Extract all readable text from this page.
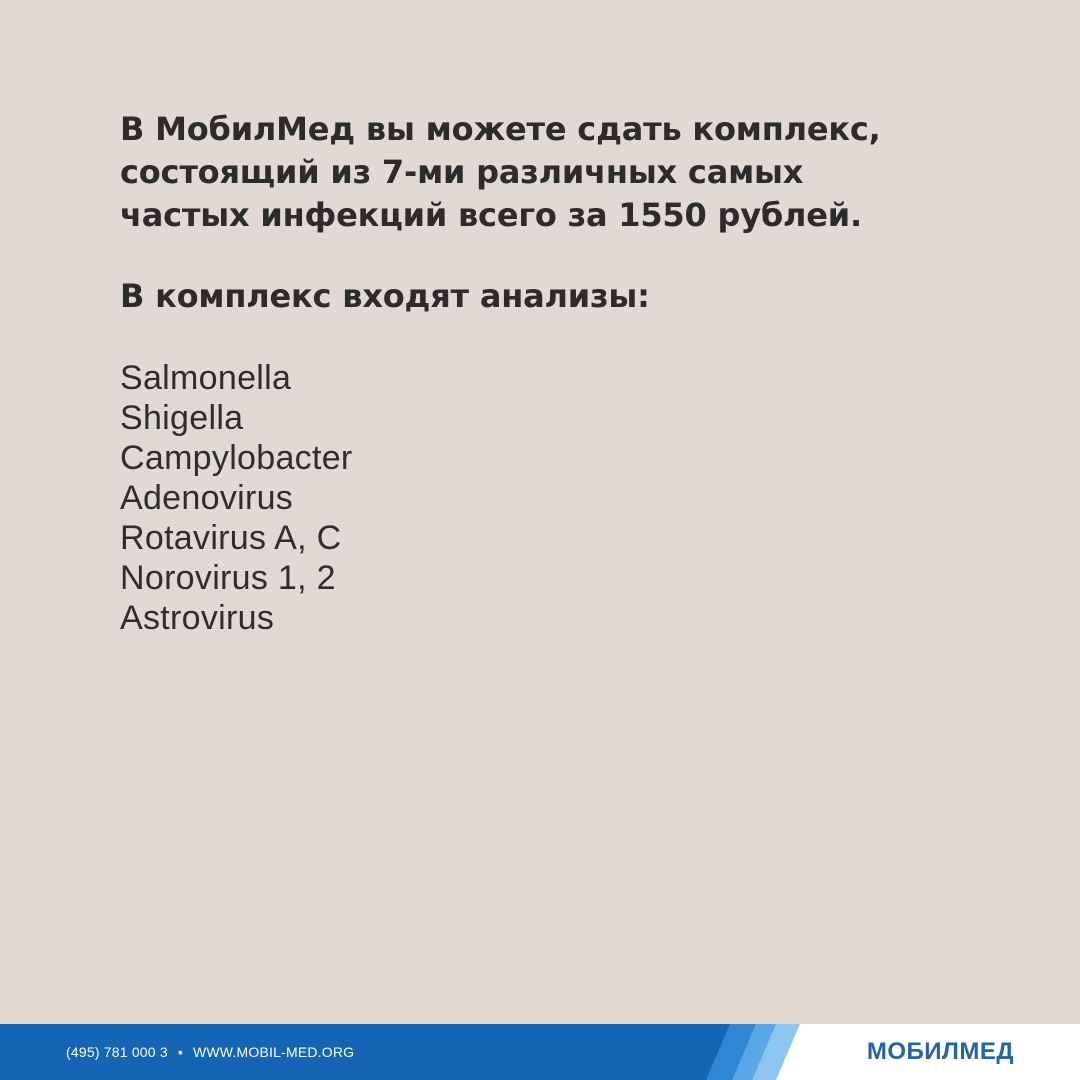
В МобилМед вы можете сдать комплекс,
состоящий из 7-ми различных самых
частых инфекций всего за 1550 рублей.
В комплекс входят анализы:
Salmonella
Shigella
Campylobacter
Adenovirus
Rotavirus A, C
Norovirus 1, 2
Astrovirus
(495) 781 000 3 • WWW.MOBIL-MED.ORG	МОБИЛМЕД
